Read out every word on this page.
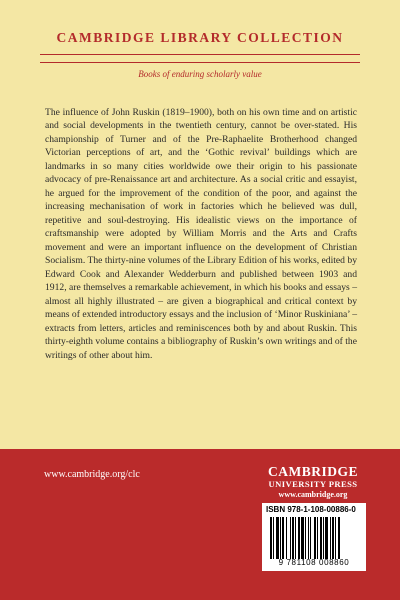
CAMBRIDGE LIBRARY COLLECTION
Books of enduring scholarly value

The influence of John Ruskin (1819–1900), both on his own time and on artistic and social developments in the twentieth century, cannot be over-stated. His championship of Turner and of the Pre-Raphaelite Brotherhood changed Victorian perceptions of art, and the ‘Gothic revival’ buildings which are landmarks in so many cities worldwide owe their origin to his passionate advocacy of pre-Renaissance art and architecture. As a social critic and essayist, he argued for the improvement of the condition of the poor, and against the increasing mechanisation of work in factories which he believed was dull, repetitive and soul-destroying. His idealistic views on the importance of craftsmanship were adopted by William Morris and the Arts and Crafts movement and were an important influence on the development of Christian Socialism. The thirty-nine volumes of the Library Edition of his works, edited by Edward Cook and Alexander Wedderburn and published between 1903 and 1912, are themselves a remarkable achievement, in which his books and essays – almost all highly illustrated – are given a biographical and critical context by means of extended introductory essays and the inclusion of ‘Minor Ruskiniana’ – extracts from letters, articles and reminiscences both by and about Ruskin. This thirty-eighth volume contains a bibliography of Ruskin’s own writings and of the writings of other about him.

www.cambridge.org/clc	CAMBRIDGE
UNIVERSITY PRESS
www.cambridge.org
ISBN 978-1-108-00886-0
9 781108 008860
